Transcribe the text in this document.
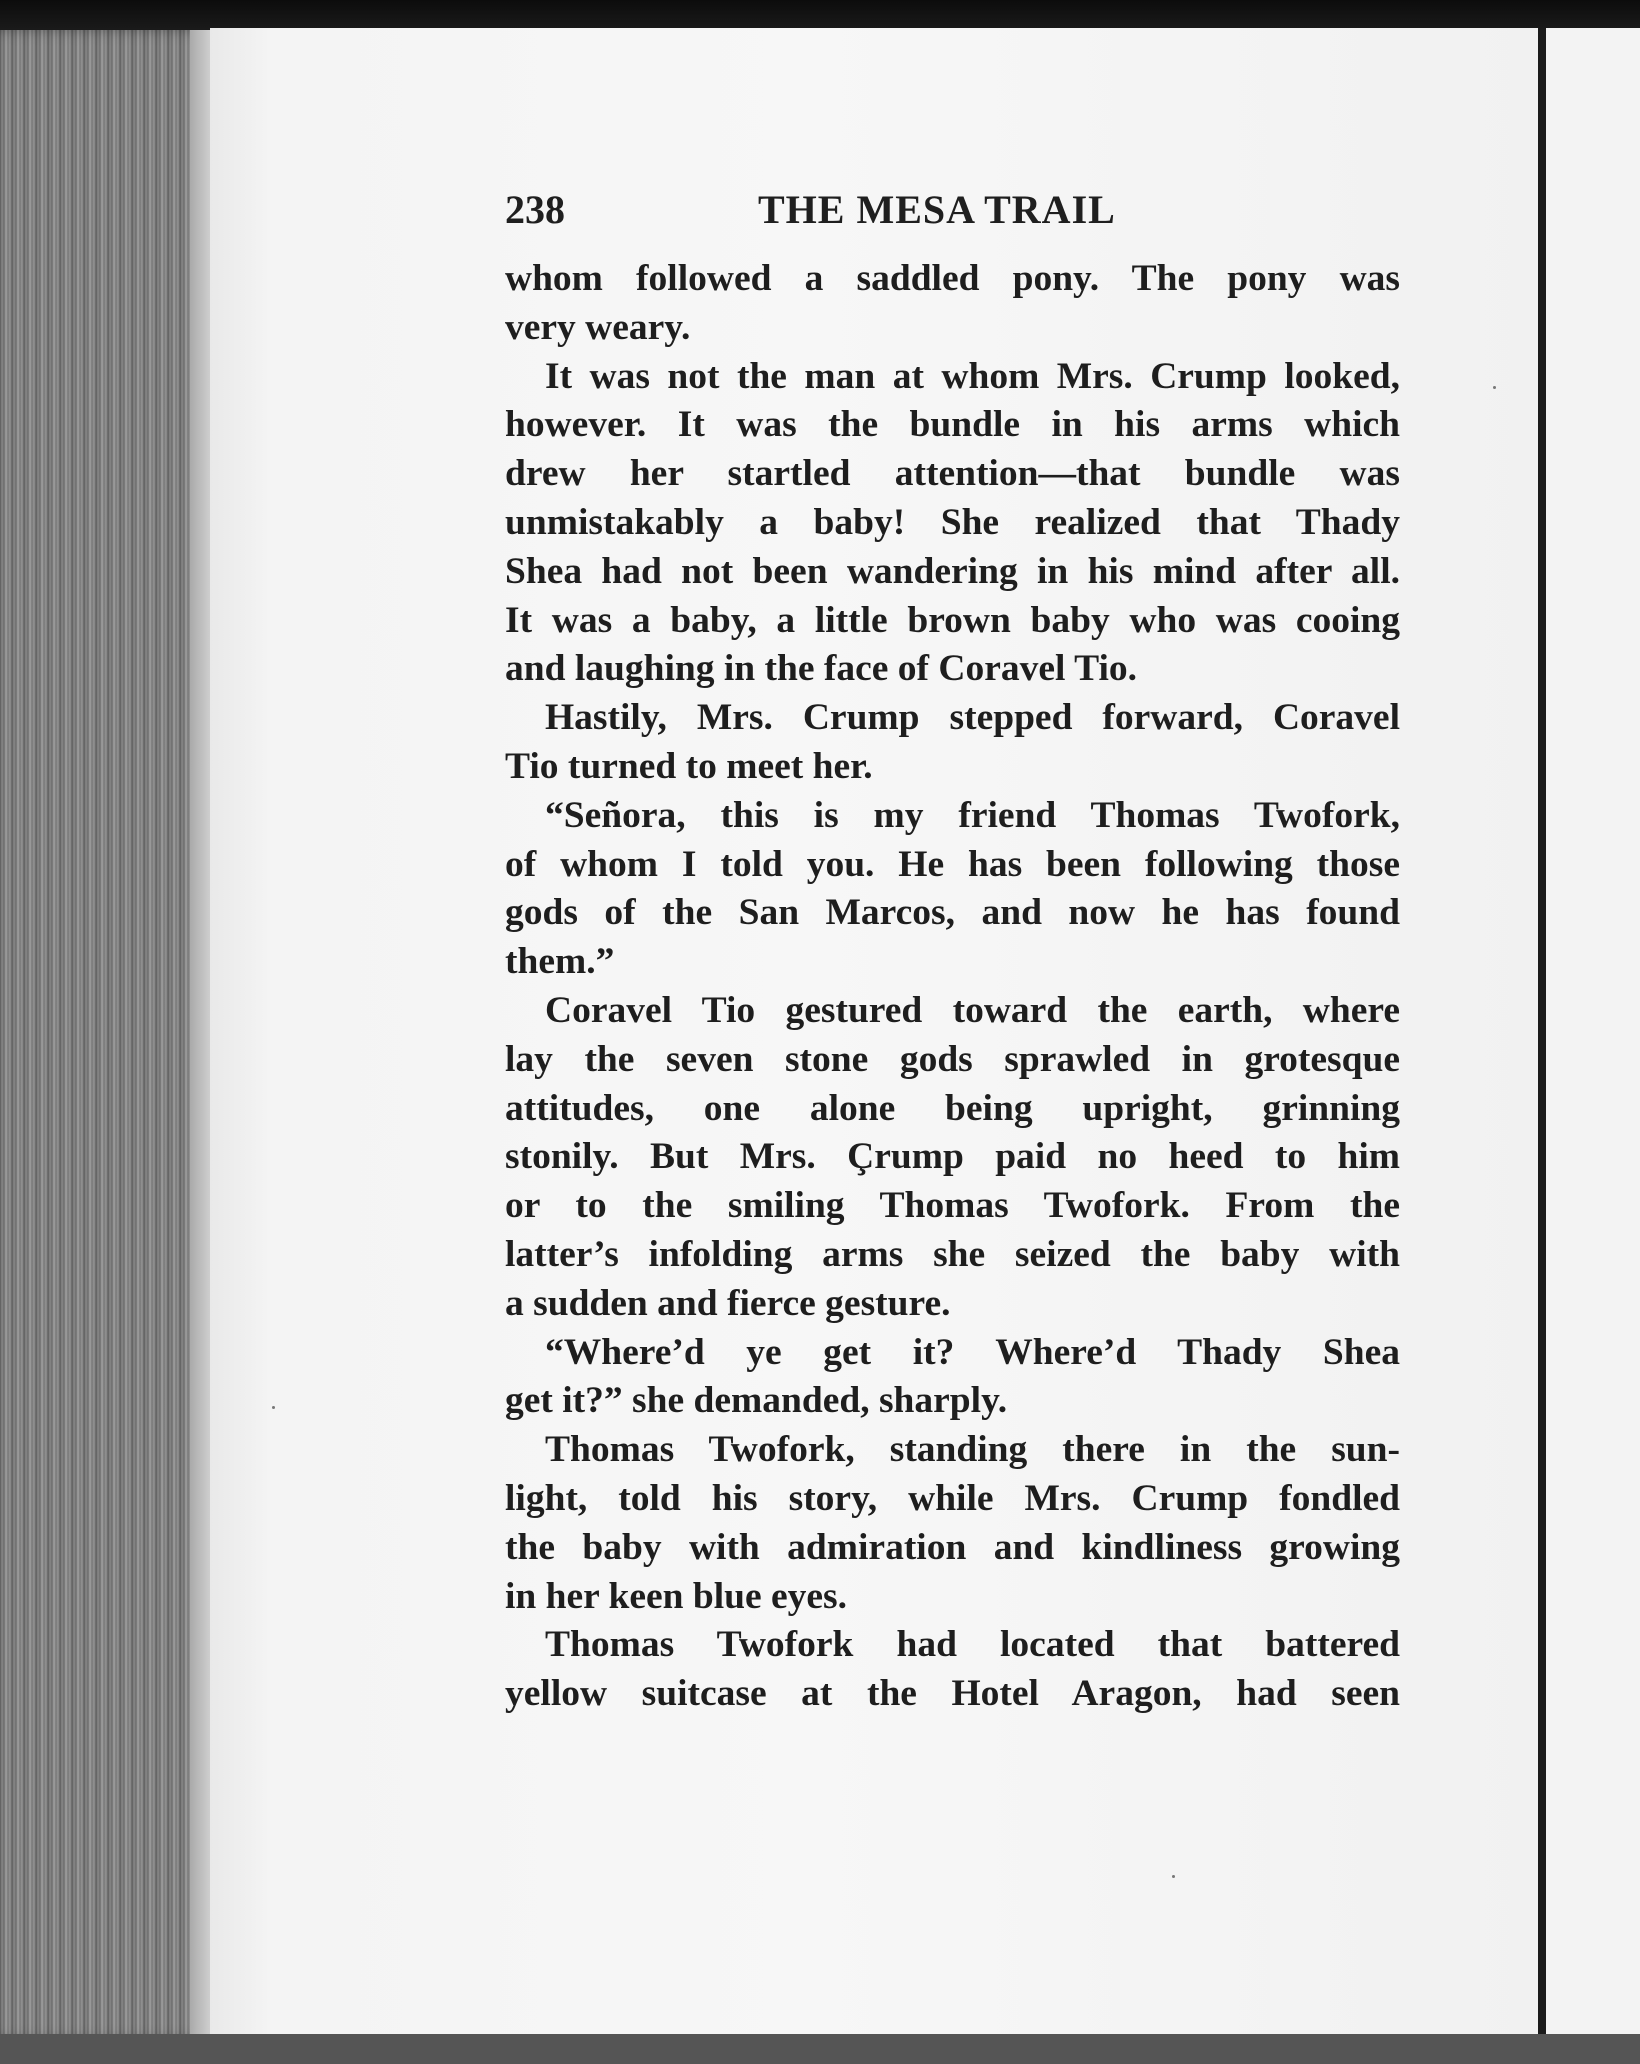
238	THE MESA TRAIL
whom followed a saddled pony. The pony was
very weary.
It was not the man at whom Mrs. Crump looked,
however. It was the bundle in his arms which
drew her startled attention—that bundle was
unmistakably a baby! She realized that Thady
Shea had not been wandering in his mind after all.
It was a baby, a little brown baby who was cooing
and laughing in the face of Coravel Tio.
Hastily, Mrs. Crump stepped forward, Coravel
Tio turned to meet her.
“Señora, this is my friend Thomas Twofork,
of whom I told you. He has been following those
gods of the San Marcos, and now he has found
them.”
Coravel Tio gestured toward the earth, where
lay the seven stone gods sprawled in grotesque
attitudes, one alone being upright, grinning
stonily. But Mrs. Çrump paid no heed to him
or to the smiling Thomas Twofork. From the
latter’s infolding arms she seized the baby with
a sudden and fierce gesture.
“Where’d ye get it? Where’d Thady Shea
get it?” she demanded, sharply.
Thomas Twofork, standing there in the sun-
light, told his story, while Mrs. Crump fondled
the baby with admiration and kindliness growing
in her keen blue eyes.
Thomas Twofork had located that battered
yellow suitcase at the Hotel Aragon, had seen
